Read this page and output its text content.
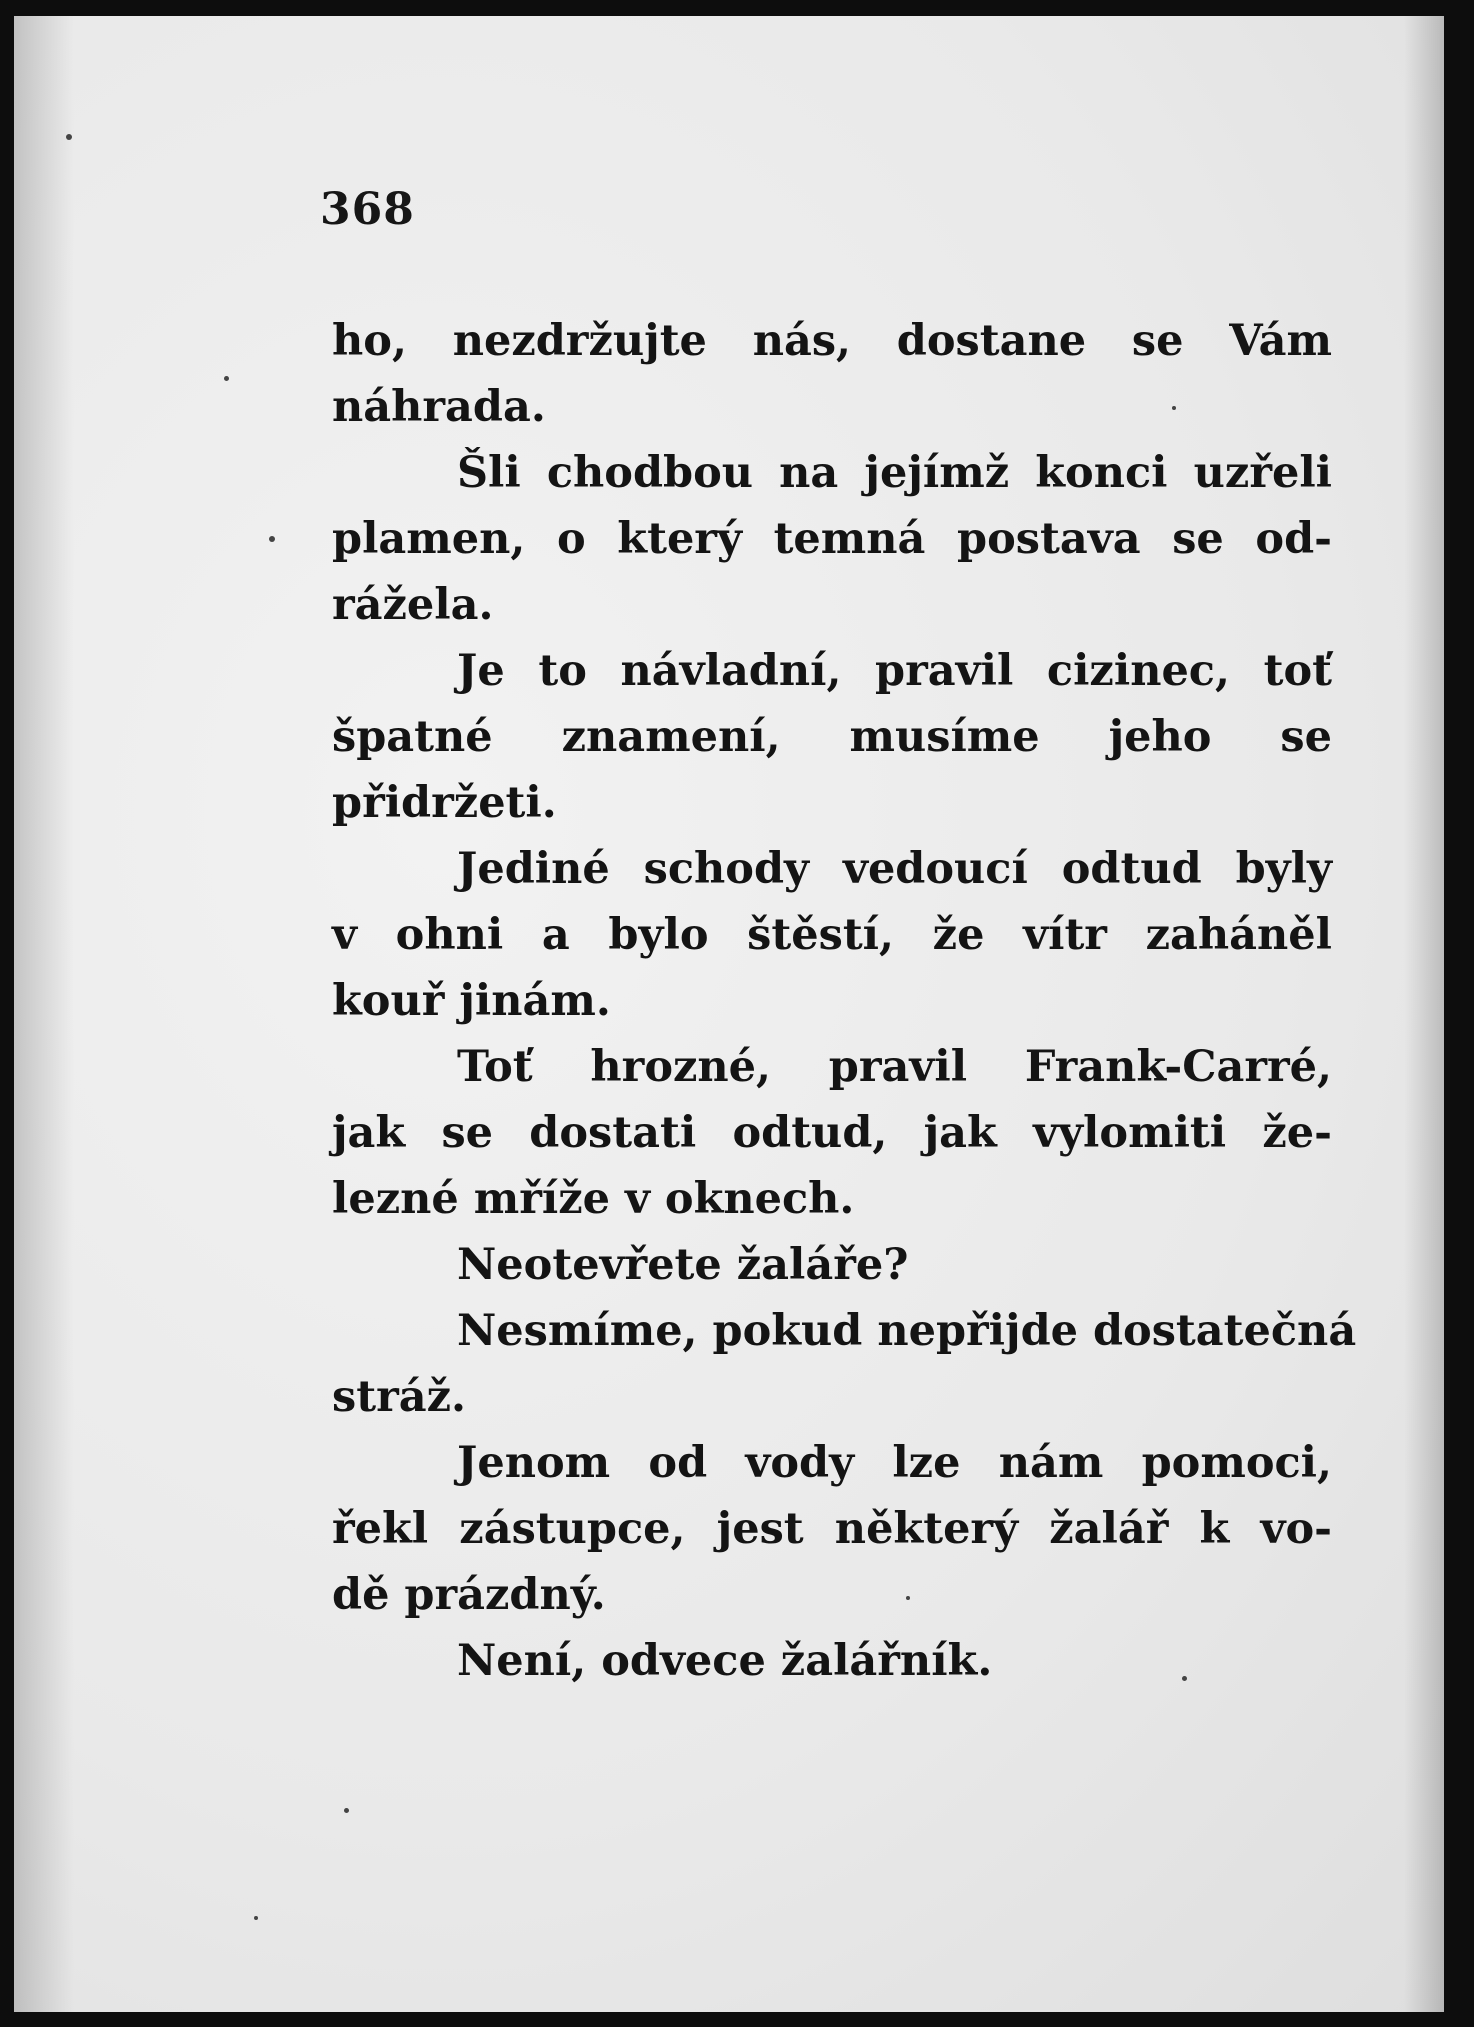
368

ho, nezdržujte nás, dostane se Vám
náhrada.

Šli chodbou na jejímž konci uzřeli
plamen, o který temná postava se od-
rážela.

Je to návladní, pravil cizinec, toť
špatné znamení, musíme jeho se
přidržeti.

Jediné schody vedoucí odtud byly
v ohni a bylo štěstí, že vítr zaháněl
kouř jinám.

Toť hrozné, pravil Frank-Carré,
jak se dostati odtud, jak vylomiti že-
lezné mříže v oknech.

Neotevřete žaláře?

Nesmíme, pokud nepřijde dostatečná
stráž.

Jenom od vody lze nám pomoci,
řekl zástupce, jest některý žalář k vo-
dě prázdný.

Není, odvece žalářník.
